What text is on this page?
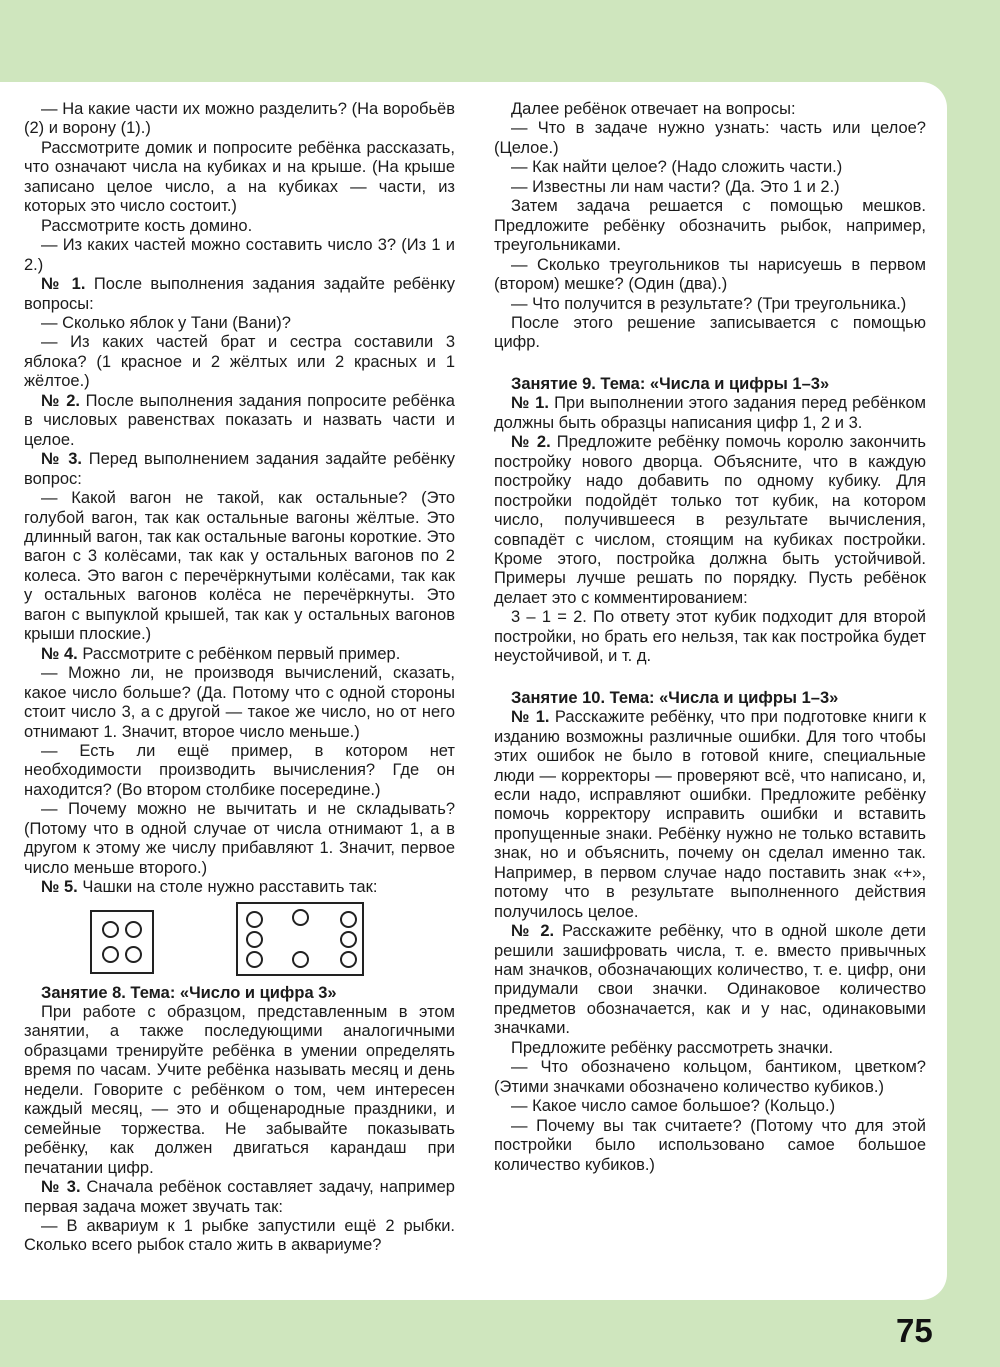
— На какие части их можно разделить? (На воробьёв (2) и ворону (1).)

Рассмотрите домик и попросите ребёнка рассказать, что означают числа на кубиках и на крыше. (На крыше записано целое число, а на кубиках — части, из которых это число состоит.)

Рассмотрите кость домино.

— Из каких частей можно составить число 3? (Из 1 и 2.)

№ 1. После выполнения задания задайте ребёнку вопросы:

— Сколько яблок у Тани (Вани)?

— Из каких частей брат и сестра составили 3 яблока? (1 красное и 2 жёлтых или 2 красных и 1 жёлтое.)

№ 2. После выполнения задания попросите ребёнка в числовых равенствах показать и назвать части и целое.

№ 3. Перед выполнением задания задайте ребёнку вопрос:

— Какой вагон не такой, как остальные? (Это голубой вагон, так как остальные вагоны жёлтые. Это длинный вагон, так как остальные вагоны короткие. Это вагон с 3 колёсами, так как у остальных вагонов по 2 колеса. Это вагон с перечёркнутыми колёсами, так как у остальных вагонов колёса не перечёркнуты. Это вагон с выпуклой крышей, так как у остальных вагонов крыши плоские.)

№ 4. Рассмотрите с ребёнком первый пример.

— Можно ли, не производя вычислений, сказать, какое число больше? (Да. Потому что с одной стороны стоит число 3, а с другой — такое же число, но от него отнимают 1. Значит, второе число меньше.)

— Есть ли ещё пример, в котором нет необходимости производить вычисления? Где он находится? (Во втором столбике посередине.)

— Почему можно не вычитать и не складывать? (Потому что в одной случае от числа отнимают 1, а в другом к этому же числу прибавляют 1. Значит, первое число меньше второго.)

№ 5. Чашки на столе нужно расставить так:

Занятие 8. Тема: «Число и цифра 3»

При работе с образцом, представленным в этом занятии, а также последующими аналогичными образцами тренируйте ребёнка в умении определять время по часам. Учите ребёнка называть месяц и день недели. Говорите с ребёнком о том, чем интересен каждый месяц, — это и общенародные праздники, и семейные торжества. Не забывайте показывать ребёнку, как должен двигаться карандаш при печатании цифр.

№ 3. Сначала ребёнок составляет задачу, например первая задача может звучать так:

— В аквариум к 1 рыбке запустили ещё 2 рыбки. Сколько всего рыбок стало жить в аквариуме?

Далее ребёнок отвечает на вопросы:

— Что в задаче нужно узнать: часть или целое? (Целое.)

— Как найти целое? (Надо сложить части.)

— Известны ли нам части? (Да. Это 1 и 2.)

Затем задача решается с помощью мешков. Предложите ребёнку обозначить рыбок, например, треугольниками.

— Сколько треугольников ты нарисуешь в первом (втором) мешке? (Один (два).)

— Что получится в результате? (Три треугольника.)

После этого решение записывается с помощью цифр.

Занятие 9. Тема: «Числа и цифры 1–3»

№ 1. При выполнении этого задания перед ребёнком должны быть образцы написания цифр 1, 2 и 3.

№ 2. Предложите ребёнку помочь королю закончить постройку нового дворца. Объясните, что в каждую постройку надо добавить по одному кубику. Для постройки подойдёт только тот кубик, на котором число, получившееся в результате вычисления, совпадёт с числом, стоящим на кубиках постройки. Кроме этого, постройка должна быть устойчивой. Примеры лучше решать по порядку. Пусть ребёнок делает это с комментированием:

3 – 1 = 2. По ответу этот кубик подходит для второй постройки, но брать его нельзя, так как постройка будет неустойчивой, и т. д.

Занятие 10. Тема: «Числа и цифры 1–3»

№ 1. Расскажите ребёнку, что при подготовке книги к изданию возможны различные ошибки. Для того чтобы этих ошибок не было в готовой книге, специальные люди — корректоры — проверяют всё, что написано, и, если надо, исправляют ошибки. Предложите ребёнку помочь корректору исправить ошибки и вставить пропущенные знаки. Ребёнку нужно не только вставить знак, но и объяснить, почему он сделал именно так. Например, в первом случае надо поставить знак «+», потому что в результате выполненного действия получилось целое.

№ 2. Расскажите ребёнку, что в одной школе дети решили зашифровать числа, т. е. вместо привычных нам значков, обозначающих количество, т. е. цифр, они придумали свои значки. Одинаковое количество предметов обозначается, как и у нас, одинаковыми значками.

Предложите ребёнку рассмотреть значки.

— Что обозначено кольцом, бантиком, цветком? (Этими значками обозначено количество кубиков.)

— Какое число самое большое? (Кольцо.)

— Почему вы так считаете? (Потому что для этой постройки было использовано самое большое количество кубиков.)

75
